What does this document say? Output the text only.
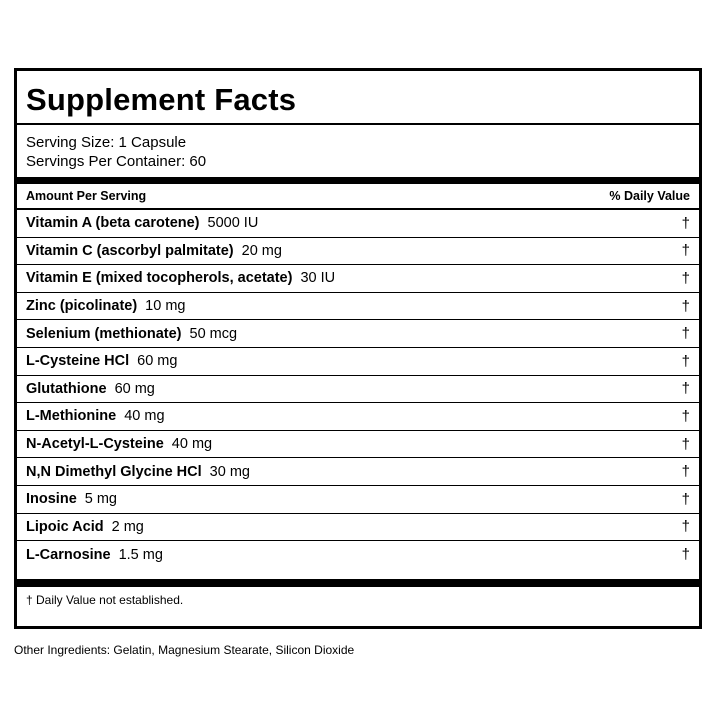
Supplement Facts
Serving Size: 1 Capsule
Servings Per Container: 60
Amount Per Serving	% Daily Value
Vitamin A (beta carotene) 5000 IU	†
Vitamin C (ascorbyl palmitate) 20 mg	†
Vitamin E (mixed tocopherols, acetate) 30 IU	†
Zinc (picolinate) 10 mg	†
Selenium (methionate) 50 mcg	†
L-Cysteine HCl 60 mg	†
Glutathione 60 mg	†
L-Methionine 40 mg	†
N-Acetyl-L-Cysteine 40 mg	†
N,N Dimethyl Glycine HCl 30 mg	†
Inosine 5 mg	†
Lipoic Acid 2 mg	†
L-Carnosine 1.5 mg	†
† Daily Value not established.
Other Ingredients: Gelatin, Magnesium Stearate, Silicon Dioxide
